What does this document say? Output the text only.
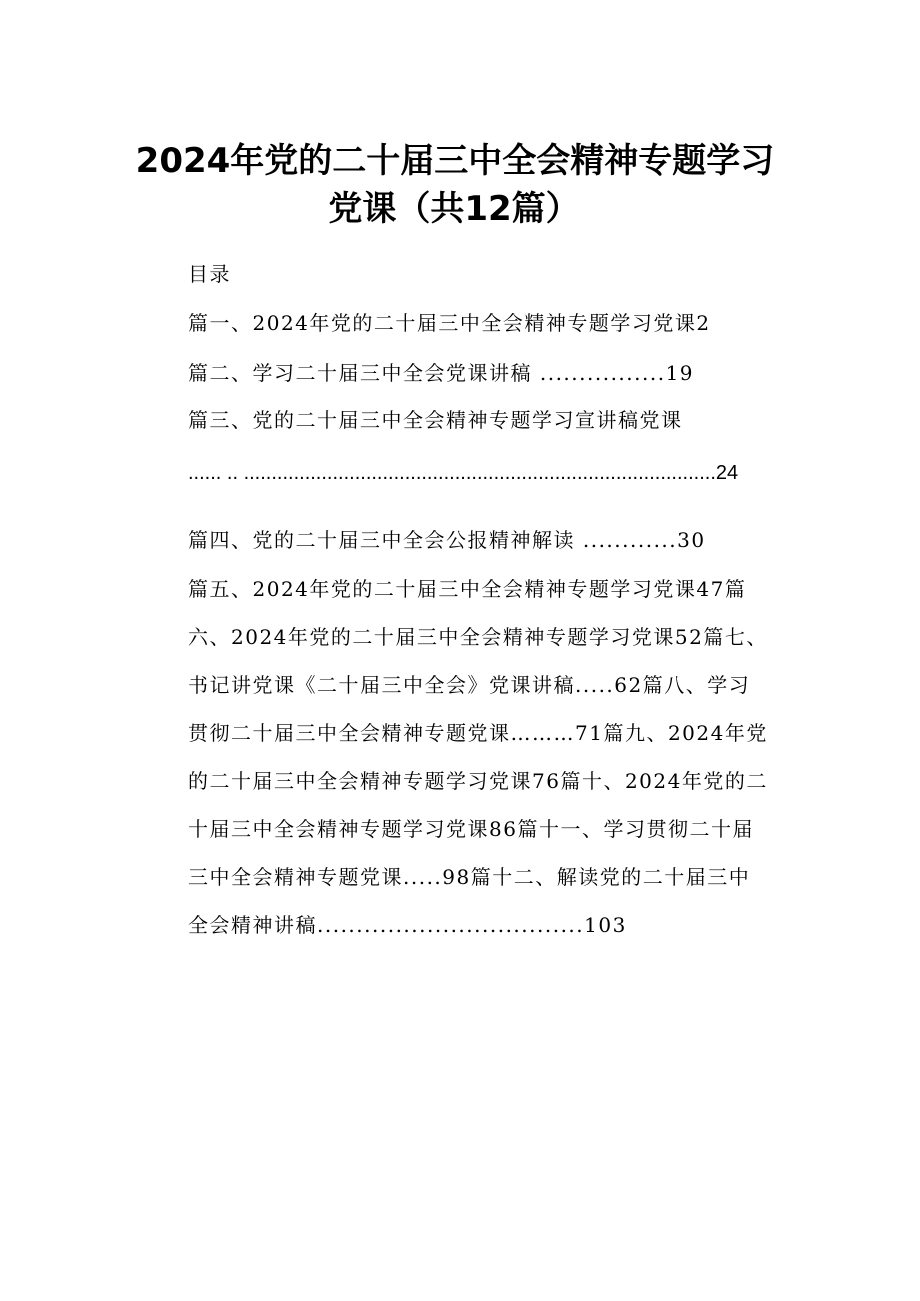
2024年党的二十届三中全会精神专题学习
党课（共12篇）
目录
篇一、2024年党的二十届三中全会精神专题学习党课2
篇二、学习二十届三中全会党课讲稿 ................19
篇三、党的二十届三中全会精神专题学习宣讲稿党课
...... .. .....................................................................................24
篇四、党的二十届三中全会公报精神解读 ............30
篇五、2024年党的二十届三中全会精神专题学习党课47篇
六、2024年党的二十届三中全会精神专题学习党课52篇七、
书记讲党课《二十届三中全会》党课讲稿.....62篇八、学习
贯彻二十届三中全会精神专题党课………71篇九、2024年党
的二十届三中全会精神专题学习党课76篇十、2024年党的二
十届三中全会精神专题学习党课86篇十一、学习贯彻二十届
三中全会精神专题党课.....98篇十二、解读党的二十届三中
全会精神讲稿..................................103
